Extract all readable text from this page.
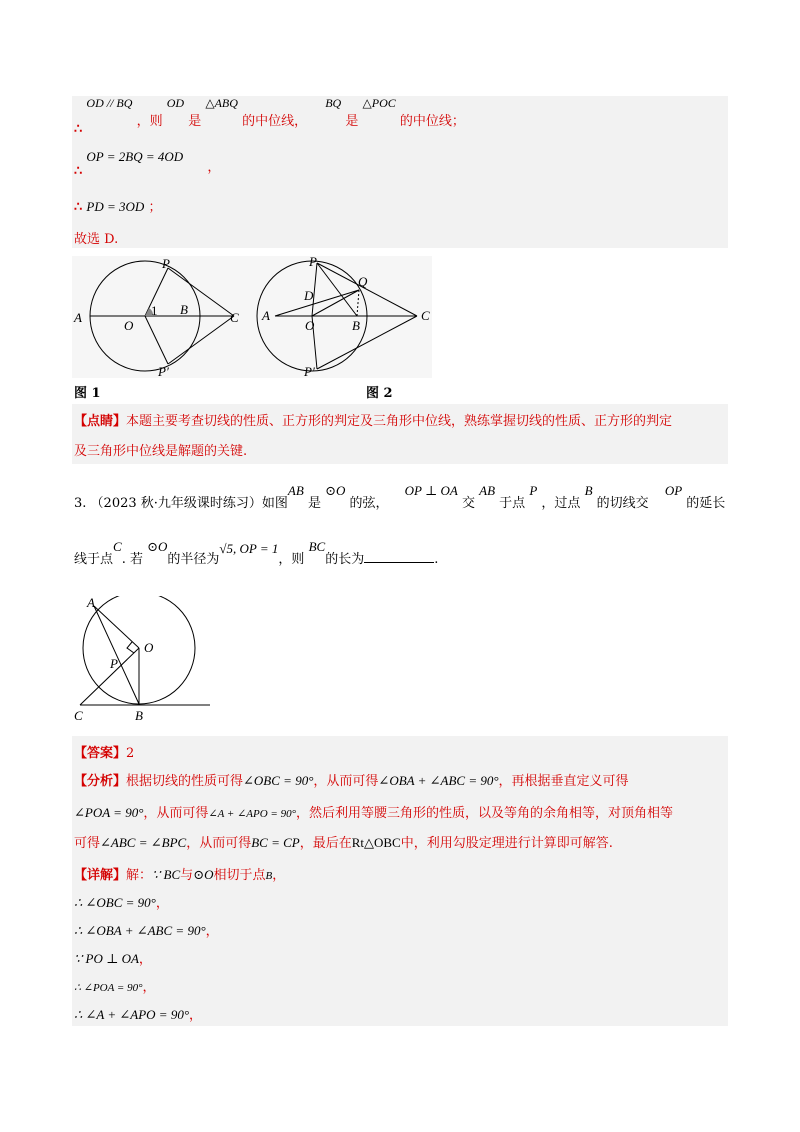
∴ OD // BQ ，则 OD 是 △ABQ 的中位线， BQ 是 △POC 的中位线；
∴ OP = 2BQ = 4OD ，
∴ PD = 3OD ；
故选 D.
P
A
O
1 B
C
P′
P
Q
D
A
O	B
C
P′
图 1	图 2
【点睛】本题主要考查切线的性质、正方形的判定及三角形中位线，熟练掌握切线的性质、正方形的判定
及三角形中位线是解题的关键.
3. （2023 秋·九年级课时练习）如图AB 是 ⊙O 的弦， OP ⊥ OA 交 AB 于点 P ，过点 B 的切线交 OP 的延长
线于点C. 若 ⊙O的半径为√5, OP = 1，则 BC的长为	.
A
O
P
C	B
【答案】2
【分析】根据切线的性质可得∠OBC = 90°，从而可得∠OBA + ∠ABC = 90°，再根据垂直定义可得
∠POA = 90°，从而可得∠A + ∠APO = 90°，然后利用等腰三角形的性质，以及等角的余角相等，对顶角相等
可得∠ABC = ∠BPC，从而可得BC = CP，最后在Rt△OBC中，利用勾股定理进行计算即可解答.
【详解】解：∵ BC与⊙O相切于点B，
∴ ∠OBC = 90°，
∴ ∠OBA + ∠ABC = 90°，
∵ PO ⊥ OA，
∴ ∠POA = 90°，
∴ ∠A + ∠APO = 90°，
